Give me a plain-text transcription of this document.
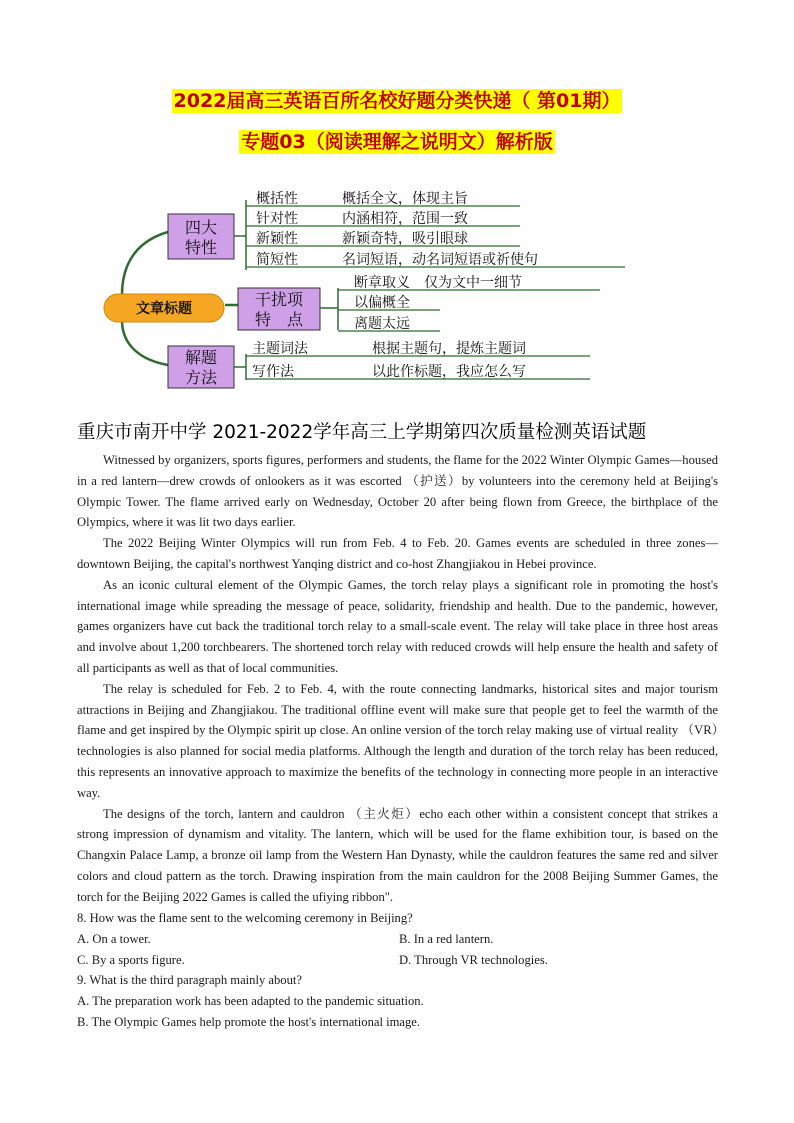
2022届高三英语百所名校好题分类快递（ 第01期）
专题03（阅读理解之说明文）解析版
文章标题
四大
特性
概括性	概括全文，体现主旨
针对性	内涵相符，范围一致
新颖性	新颖奇特，吸引眼球
简短性	名词短语，动名词短语或祈使句
干扰项
特　点
断章取义　仅为文中一细节
以偏概全
离题太远
解题
方法
主题词法	根据主题句，提炼主题词
写作法	以此作标题，我应怎么写
重庆市南开中学 2021-2022学年高三上学期第四次质量检测英语试题

Witnessed by organizers, sports figures, performers and students, the flame for the 2022 Winter Olympic Games—housed in a red lantern—drew crowds of onlookers as it was escorted （护送）by volunteers into the ceremony held at Beijing's Olympic Tower. The flame arrived early on Wednesday, October 20 after being flown from Greece, the birthplace of the Olympics, where it was lit two days earlier.

The 2022 Beijing Winter Olympics will run from Feb. 4 to Feb. 20. Games events are scheduled in three zones—downtown Beijing, the capital's northwest Yanqing district and co-host Zhangjiakou in Hebei province.

As an iconic cultural element of the Olympic Games, the torch relay plays a significant role in promoting the host's international image while spreading the message of peace, solidarity, friendship and health. Due to the pandemic, however, games organizers have cut back the traditional torch relay to a small-scale event. The relay will take place in three host areas and involve about 1,200 torchbearers. The shortened torch relay with reduced crowds will help ensure the health and safety of all participants as well as that of local communities.

The relay is scheduled for Feb. 2 to Feb. 4, with the route connecting landmarks, historical sites and major tourism attractions in Beijing and Zhangjiakou. The traditional offline event will make sure that people get to feel the warmth of the flame and get inspired by the Olympic spirit up close. An online version of the torch relay making use of virtual reality （VR）technologies is also planned for social media platforms. Although the length and duration of the torch relay has been reduced, this represents an innovative approach to maximize the benefits of the technology in connecting more people in an interactive way.

The designs of the torch, lantern and cauldron （主火炬）echo each other within a consistent concept that strikes a strong impression of dynamism and vitality. The lantern, which will be used for the flame exhibition tour, is based on the Changxin Palace Lamp, a bronze oil lamp from the Western Han Dynasty, while the cauldron features the same red and silver colors and cloud pattern as the torch. Drawing inspiration from the main cauldron for the 2008 Beijing Summer Games, the torch for the Beijing 2022 Games is called the ufiying ribbon".

8. How was the flame sent to the welcoming ceremony in Beijing?
A. On a tower.	B. In a red lantern.
C. By a sports figure.	D. Through VR technologies.
9. What is the third paragraph mainly about?
A. The preparation work has been adapted to the pandemic situation.
B. The Olympic Games help promote the host's international image.
